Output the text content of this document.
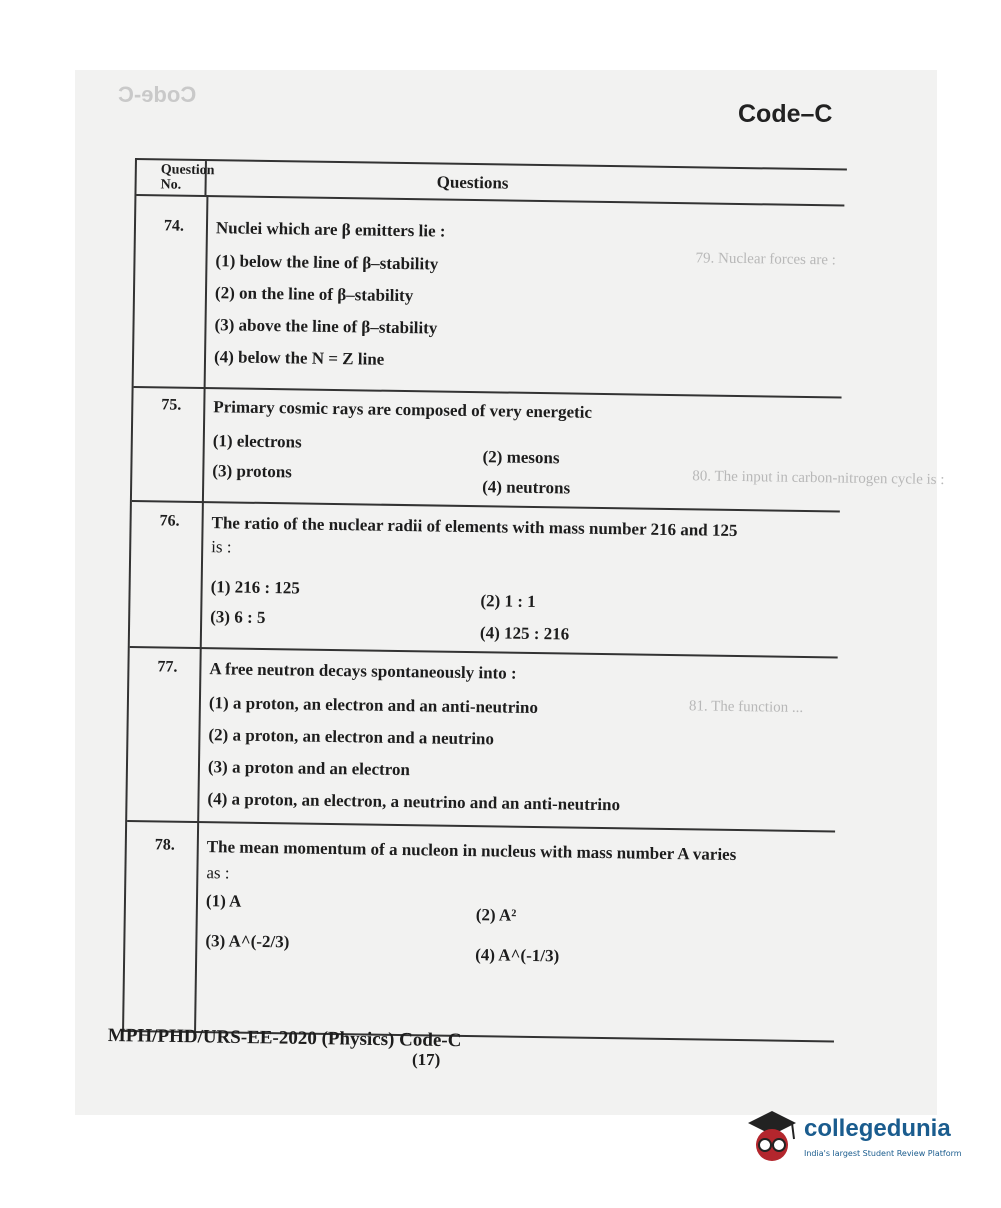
Code-C
Code–C
Question No.	Questions
79. Nuclear forces are :
80. The input in carbon-nitrogen cycle is :
81. The function ...
74. Nuclei which are β emitters lie :
(1) below the line of β–stability
(2) on the line of β–stability
(3) above the line of β–stability
(4) below the N = Z line
75. Primary cosmic rays are composed of very energetic
(1) electrons
(2) mesons
(3) protons
(4) neutrons
76. The ratio of the nuclear radii of elements with mass number 216 and 125
is :
(1) 216 : 125
(2) 1 : 1
(3) 6 : 5
(4) 125 : 216
77. A free neutron decays spontaneously into :
(1) a proton, an electron and an anti-neutrino
(2) a proton, an electron and a neutrino
(3) a proton and an electron
(4) a proton, an electron, a neutrino and an anti-neutrino
78. The mean momentum of a nucleon in nucleus with mass number A varies
as :
(1) A
(2) A²
(3) A^(-2/3)
(4) A^(-1/3)
MPH/PHD/URS-EE-2020 (Physics) Code-C
(17)
collegedunia
India's largest Student Review Platform
